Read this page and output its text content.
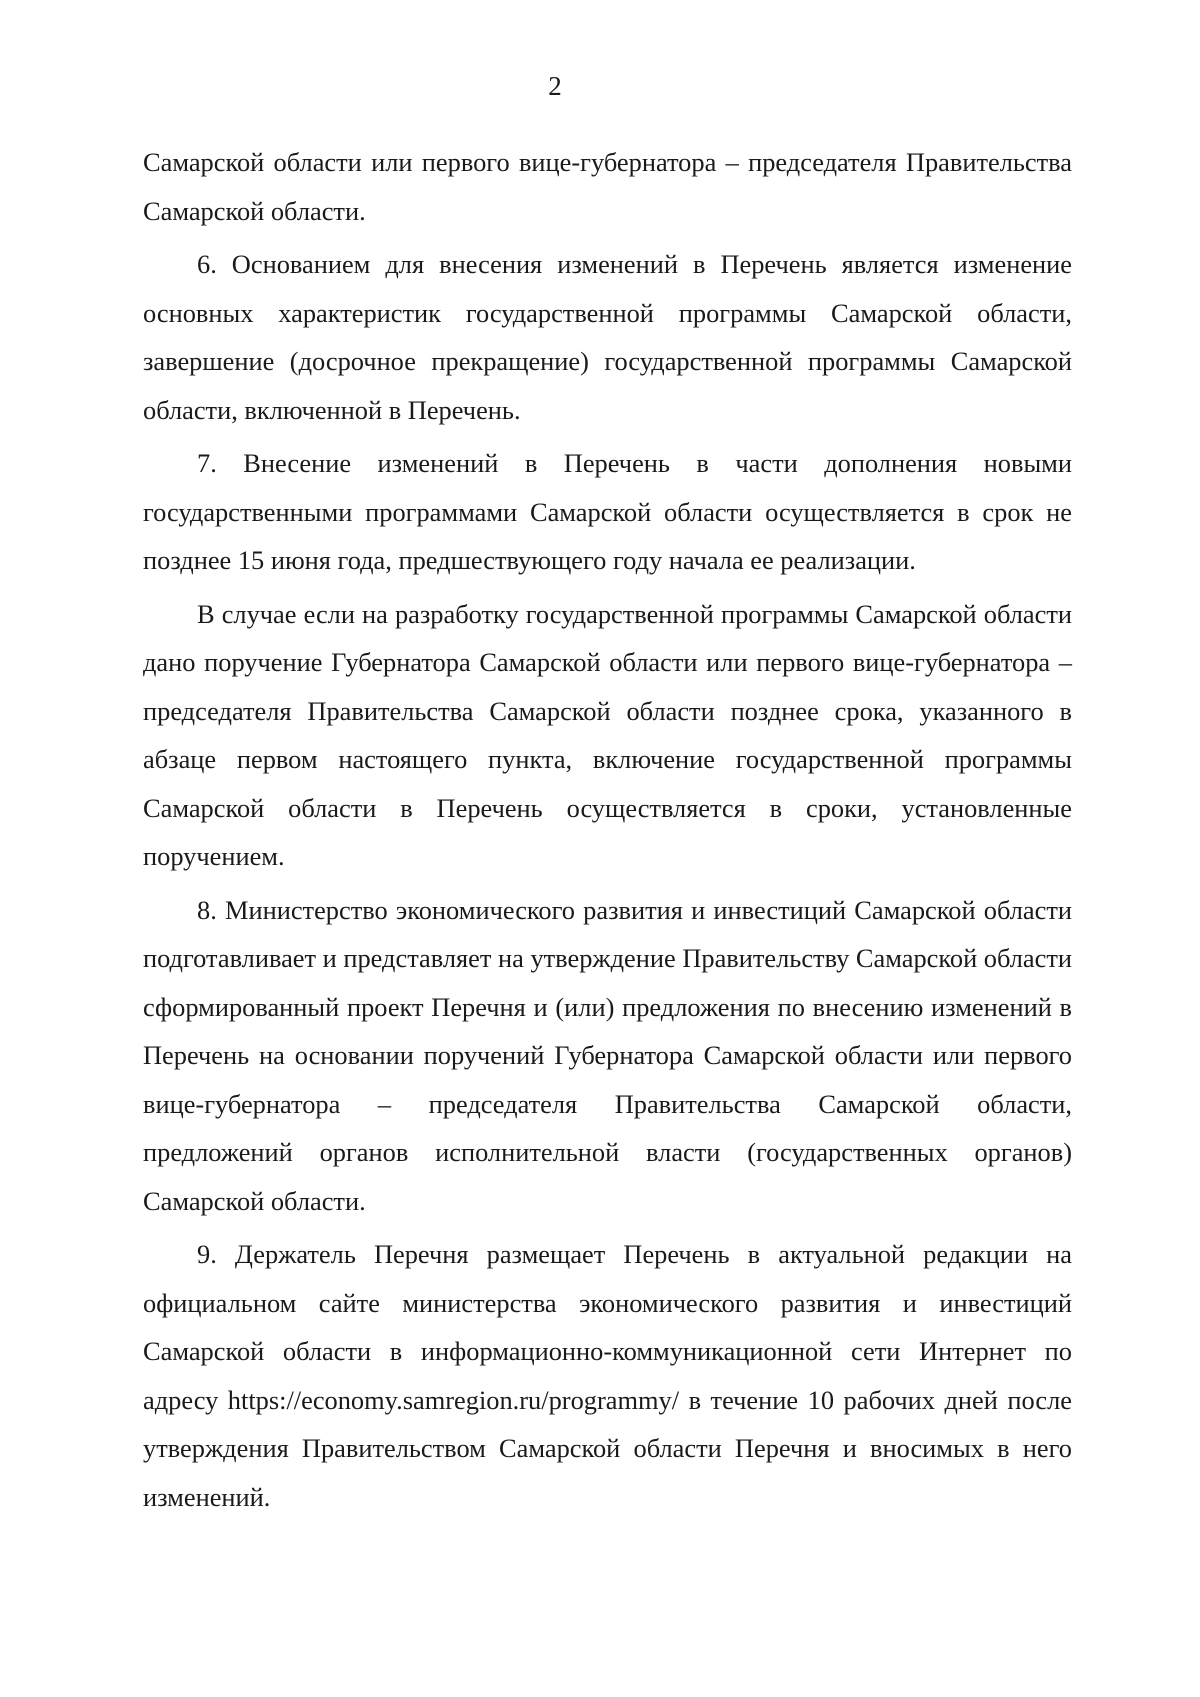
2

Самарской области или первого вице-губернатора – председателя Правительства Самарской области.

6. Основанием для внесения изменений в Перечень является изменение основных характеристик государственной программы Самарской области, завершение (досрочное прекращение) государственной программы Самарской области, включенной в Перечень.

7. Внесение изменений в Перечень в части дополнения новыми государственными программами Самарской области осуществляется в срок не позднее 15 июня года, предшествующего году начала ее реализации.

В случае если на разработку государственной программы Самарской области дано поручение Губернатора Самарской области или первого вице-губернатора – председателя Правительства Самарской области позднее срока, указанного в абзаце первом настоящего пункта, включение государственной программы Самарской области в Перечень осуществляется в сроки, установленные поручением.

8. Министерство экономического развития и инвестиций Самарской области подготавливает и представляет на утверждение Правительству Самарской области сформированный проект Перечня и (или) предложения по внесению изменений в Перечень на основании поручений Губернатора Самарской области или первого вице-губернатора – председателя Правительства Самарской области, предложений органов исполнительной власти (государственных органов) Самарской области.

9. Держатель Перечня размещает Перечень в актуальной редакции на официальном сайте министерства экономического развития и инвестиций Самарской области в информационно-коммуникационной сети Интернет по адресу https://economy.samregion.ru/programmy/ в течение 10 рабочих дней после утверждения Правительством Самарской области Перечня и вносимых в него изменений.
